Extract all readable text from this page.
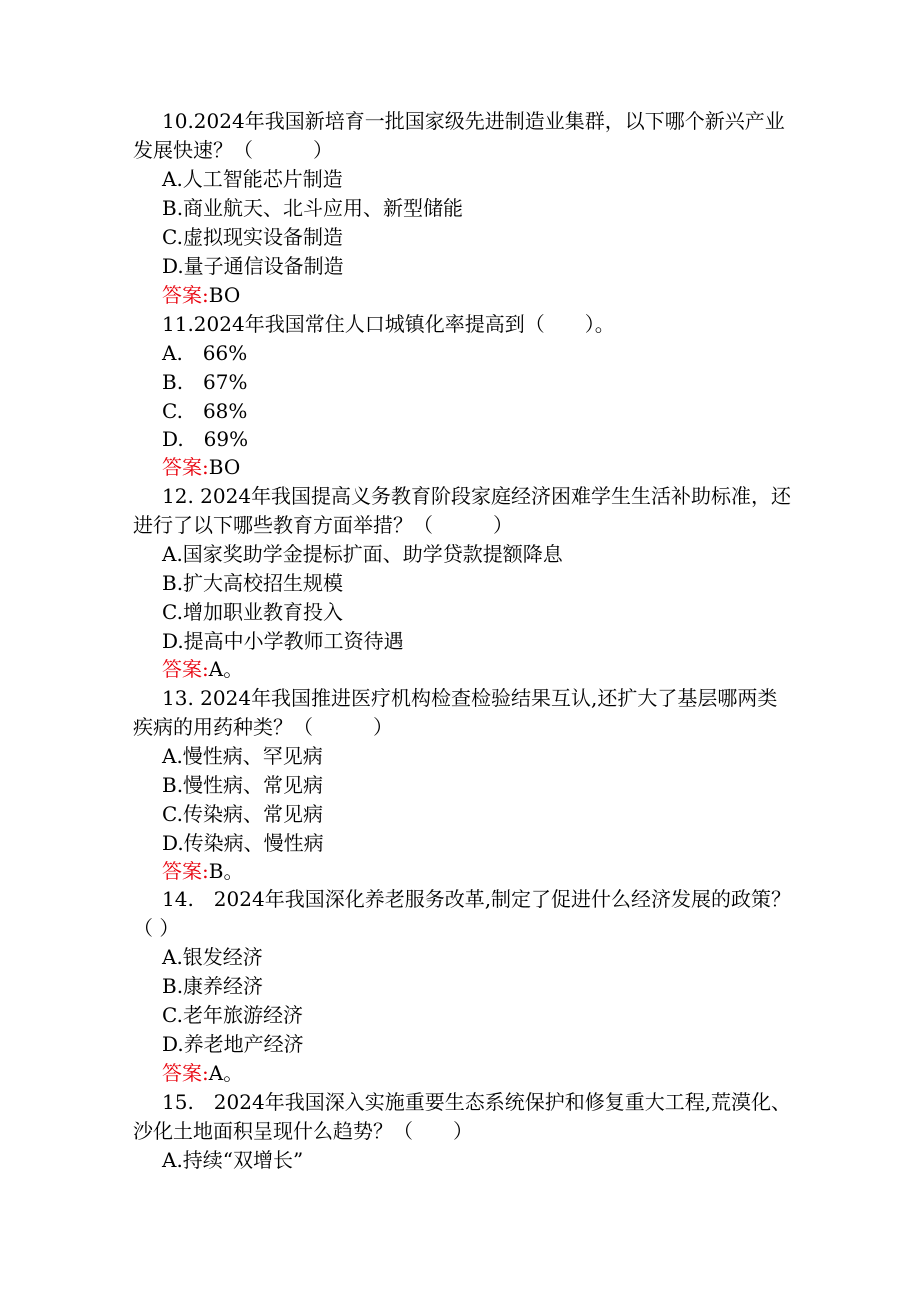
10.2024年我国新培育一批国家级先进制造业集群，以下哪个新兴产业发展快速？（　　　）
A.人工智能芯片制造
B.商业航天、北斗应用、新型储能
C.虚拟现实设备制造
D.量子通信设备制造
答案:BO
11.2024年我国常住人口城镇化率提高到（　　）。
A.　66%
B.　67%
C.　68%
D.　69%
答案:BO
12. 2024年我国提高义务教育阶段家庭经济困难学生生活补助标准，还进行了以下哪些教育方面举措？（　　　）
A.国家奖助学金提标扩面、助学贷款提额降息
B.扩大高校招生规模
C.增加职业教育投入
D.提高中小学教师工资待遇
答案:A。
13. 2024年我国推进医疗机构检查检验结果互认,还扩大了基层哪两类疾病的用药种类？（　　　）
A.慢性病、罕见病
B.慢性病、常见病
C.传染病、常见病
D.传染病、慢性病
答案:B。
14.　2024年我国深化养老服务改革,制定了促进什么经济发展的政策？（ ）
A.银发经济
B.康养经济
C.老年旅游经济
D.养老地产经济
答案:A。
15.　2024年我国深入实施重要生态系统保护和修复重大工程,荒漠化、沙化土地面积呈现什么趋势？（　　）
A.持续“双增长”
